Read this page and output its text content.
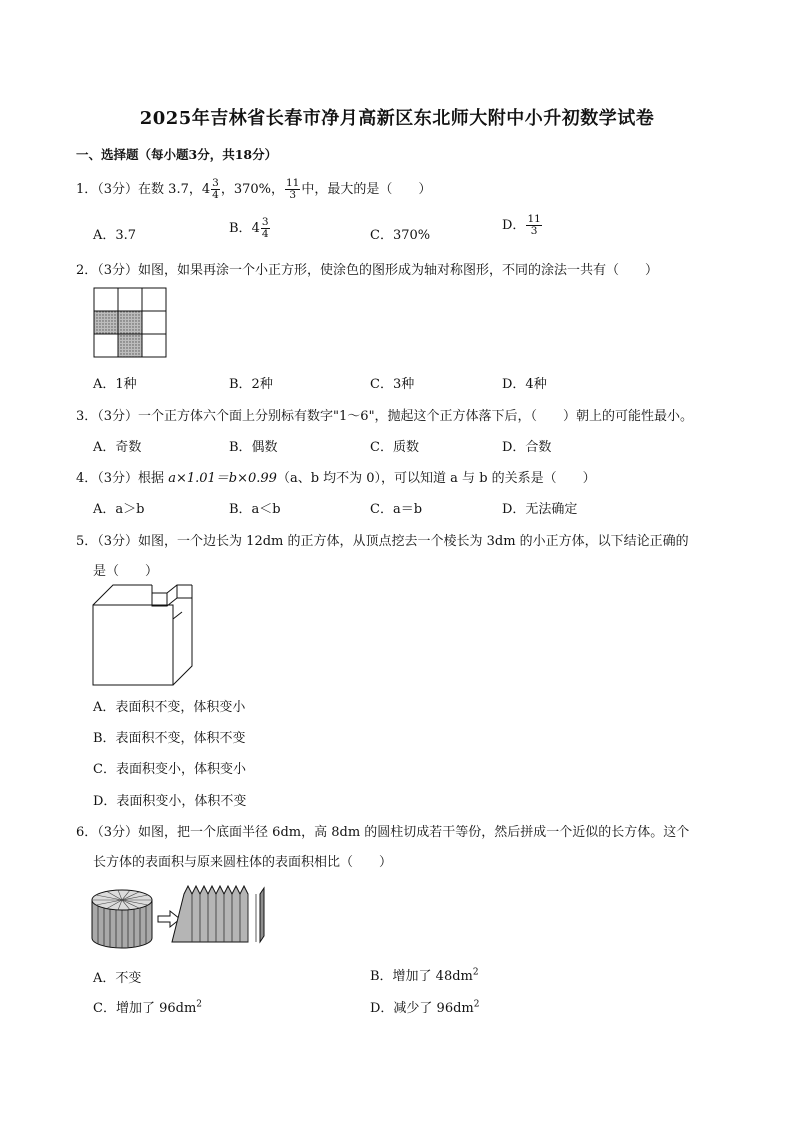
2025年吉林省长春市净月高新区东北师大附中小升初数学试卷
一、选择题（每小题3分，共18分）
1．（3分）在数 3.7，$4 \frac{3}{4}$ ，370%， $\frac{11}{3}$ 中，最大的是（　　）
A．3.7	B．$4 \frac{3}{4}$	C．370%
D． $\frac{11}{3}$
2．（3分）如图，如果再涂一个小正方形，使涂色的图形成为轴对称图形，不同的涂法一共有（　　）
A．1种	B．2种	C．3种	D．4种
3．（3分）一个正方体六个面上分别标有数字"1～6"，抛起这个正方体落下后，（　　）朝上的可能性最小。
A．奇数	B．偶数	C．质数	D．合数
4．（3分）根据 a×1.01＝b×0.99（a、b 均不为 0），可以知道 a 与 b 的关系是（　　）
A．a＞b	B．a＜b	C．a＝b	D．无法确定
5．（3分）如图，一个边长为 12dm 的正方体，从顶点挖去一个棱长为 3dm 的小正方体，以下结论正确的
是（　　）
A．表面积不变，体积变小
B．表面积不变，体积不变
C．表面积变小，体积变小
D．表面积变小，体积不变
6．（3分）如图，把一个底面半径 6dm，高 8dm 的圆柱切成若干等份，然后拼成一个近似的长方体。这个
长方体的表面积与原来圆柱体的表面积相比（　　）
A．不变	B．增加了 $48dm^2$
C．增加了 $96dm^2$	D．减少了 $96dm^2$
